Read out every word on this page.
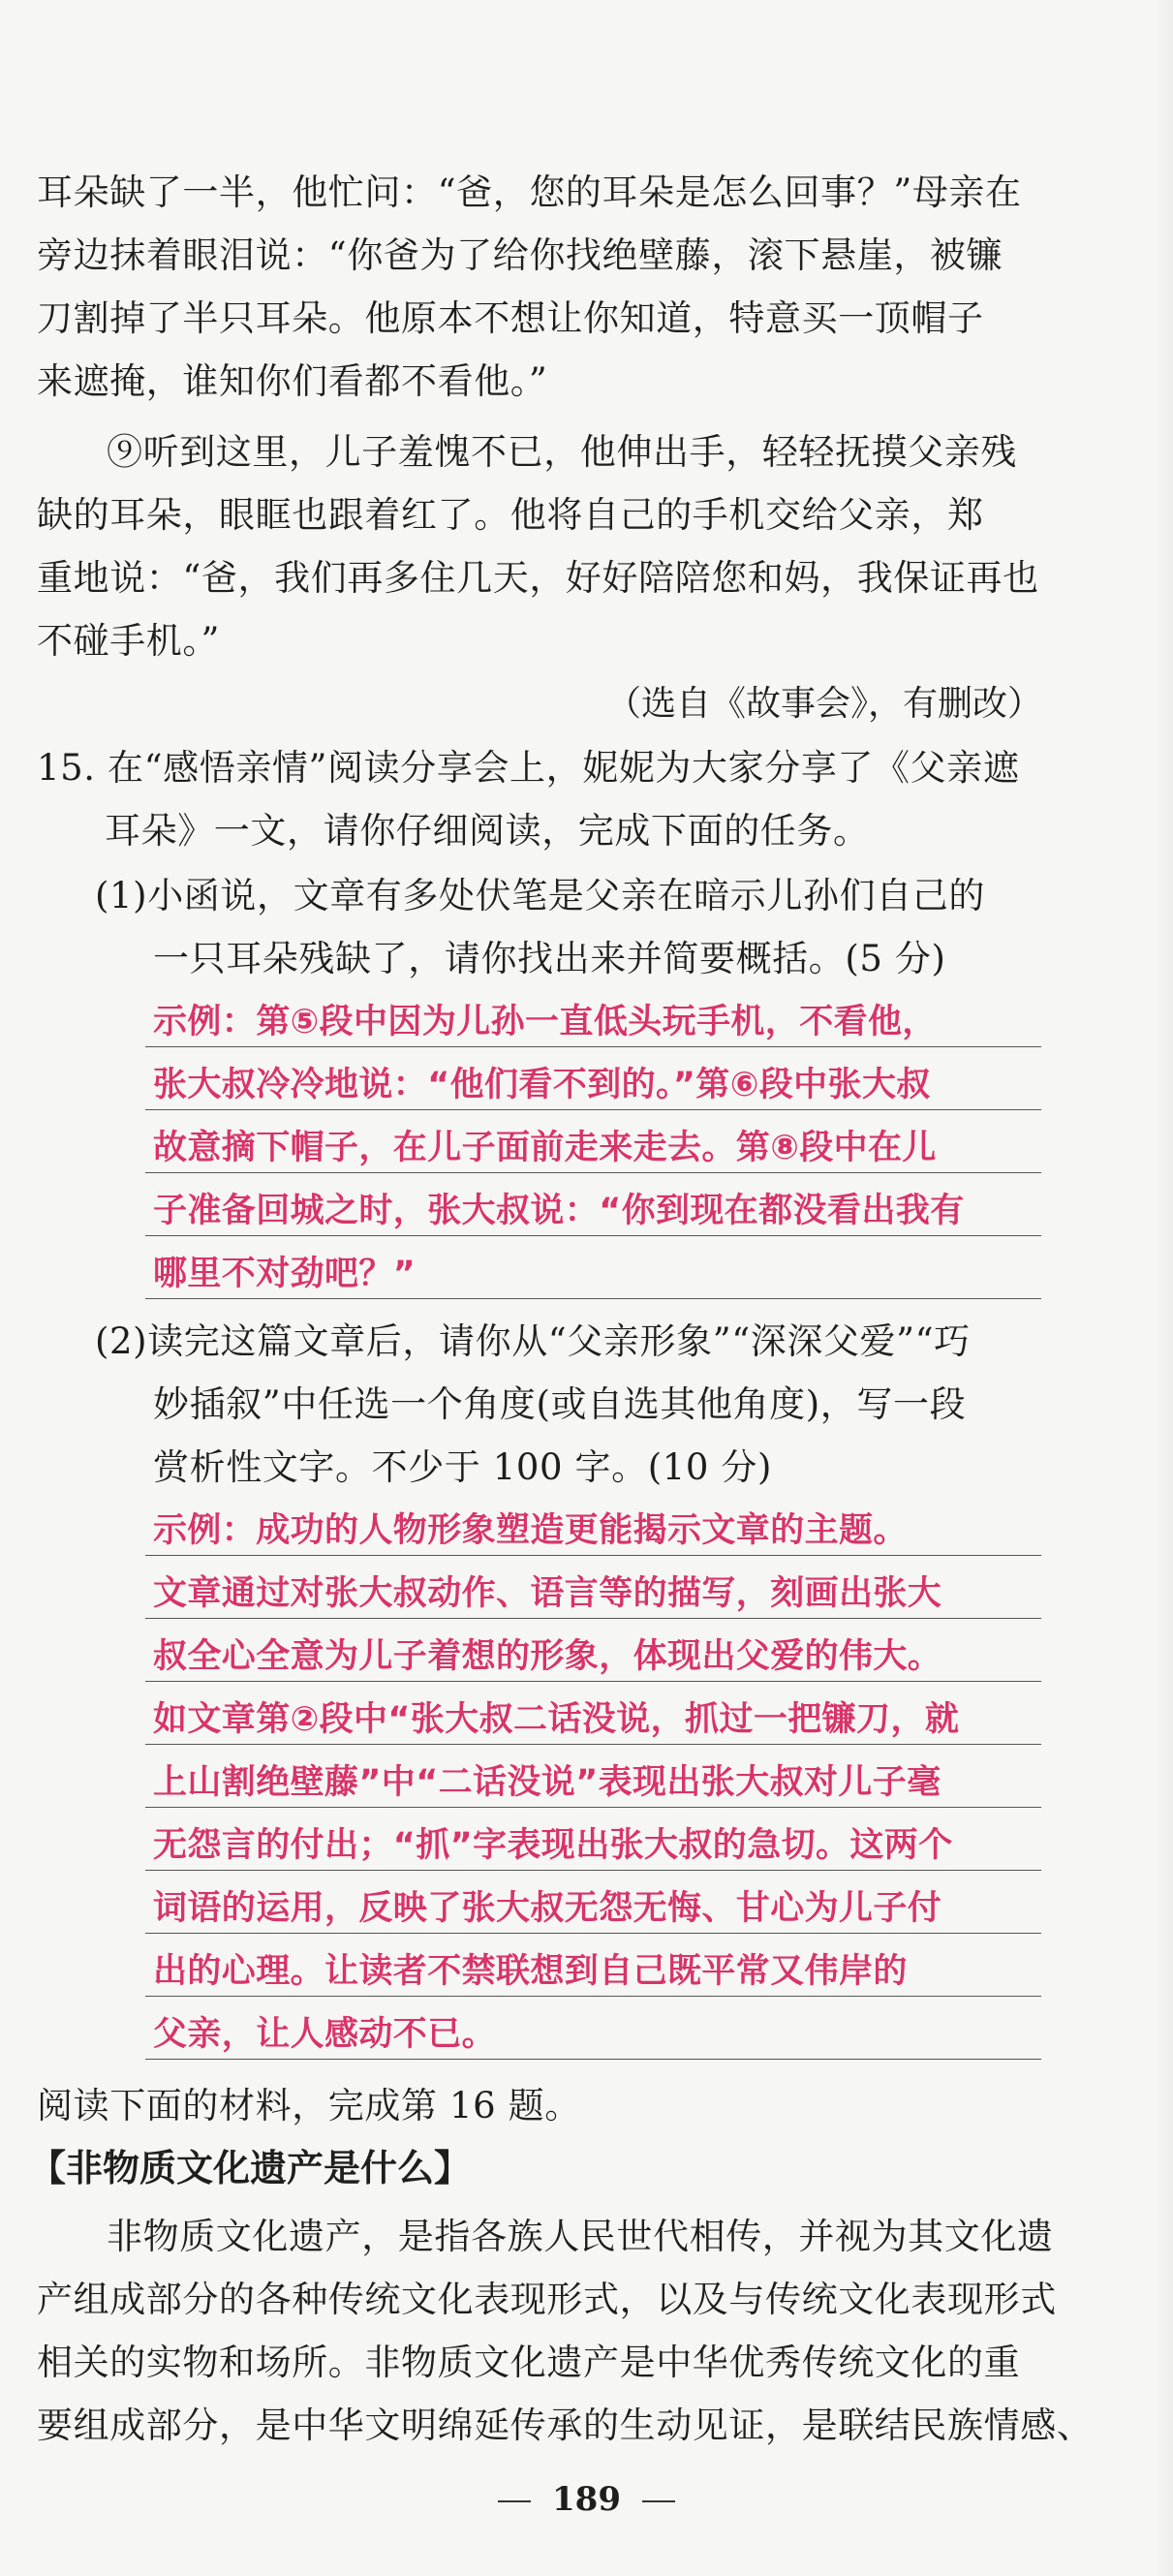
耳朵缺了一半，他忙问：“爸，您的耳朵是怎么回事？”母亲在
旁边抹着眼泪说：“你爸为了给你找绝壁藤，滚下悬崖，被镰
刀割掉了半只耳朵。他原本不想让你知道，特意买一顶帽子
来遮掩，谁知你们看都不看他。”
⑨听到这里，儿子羞愧不已，他伸出手，轻轻抚摸父亲残
缺的耳朵，眼眶也跟着红了。他将自己的手机交给父亲，郑
重地说：“爸，我们再多住几天，好好陪陪您和妈，我保证再也
不碰手机。”
（选自《故事会》，有删改）
15. 在“感悟亲情”阅读分享会上，妮妮为大家分享了《父亲遮
耳朵》一文，请你仔细阅读，完成下面的任务。
(1)小函说，文章有多处伏笔是父亲在暗示儿孙们自己的
一只耳朵残缺了，请你找出来并简要概括。(5 分)
示例：第⑤段中因为儿孙一直低头玩手机，不看他，
张大叔冷冷地说：“他们看不到的。”第⑥段中张大叔
故意摘下帽子，在儿子面前走来走去。第⑧段中在儿
子准备回城之时，张大叔说：“你到现在都没看出我有
哪里不对劲吧？”
(2)读完这篇文章后，请你从“父亲形象”“深深父爱”“巧
妙插叙”中任选一个角度(或自选其他角度)，写一段
赏析性文字。不少于 100 字。(10 分)
示例：成功的人物形象塑造更能揭示文章的主题。
文章通过对张大叔动作、语言等的描写，刻画出张大
叔全心全意为儿子着想的形象，体现出父爱的伟大。
如文章第②段中“张大叔二话没说，抓过一把镰刀，就
上山割绝壁藤”中“二话没说”表现出张大叔对儿子毫
无怨言的付出；“抓”字表现出张大叔的急切。这两个
词语的运用，反映了张大叔无怨无悔、甘心为儿子付
出的心理。让读者不禁联想到自己既平常又伟岸的
父亲，让人感动不已。
阅读下面的材料，完成第 16 题。
【非物质文化遗产是什么】
非物质文化遗产，是指各族人民世代相传，并视为其文化遗
产组成部分的各种传统文化表现形式，以及与传统文化表现形式
相关的实物和场所。非物质文化遗产是中华优秀传统文化的重
要组成部分，是中华文明绵延传承的生动见证，是联结民族情感、
189
